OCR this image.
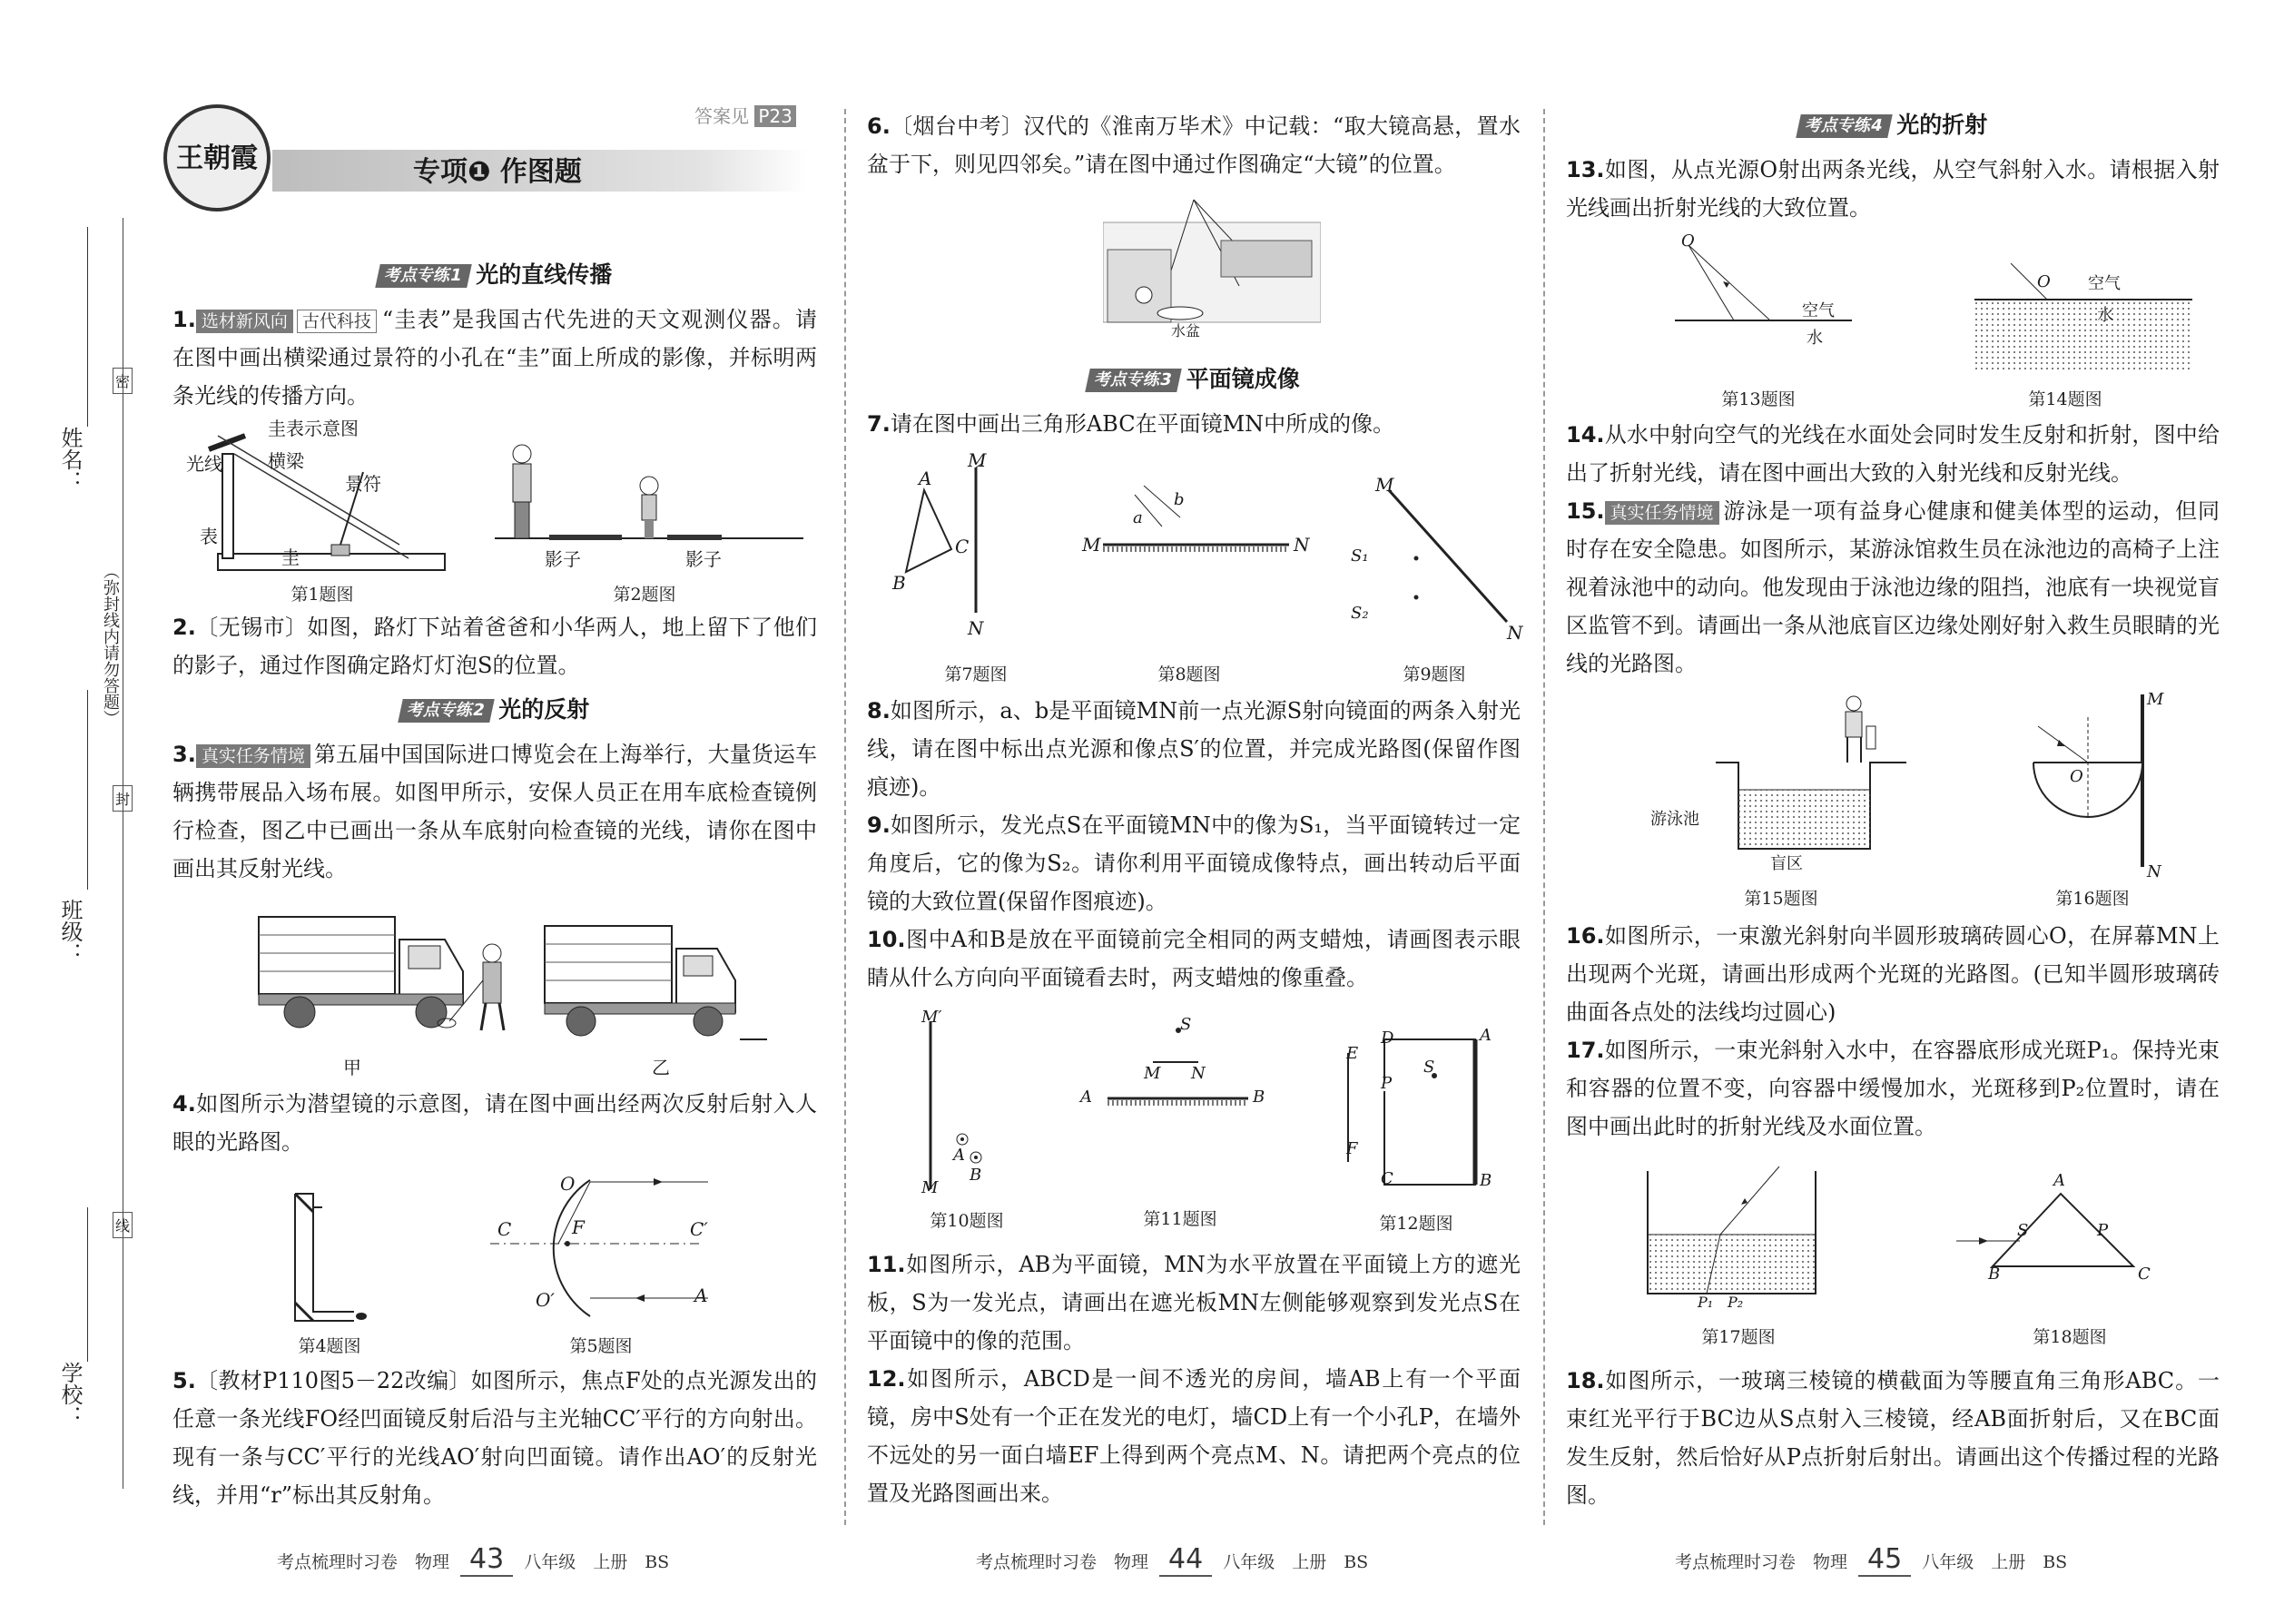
姓名：
班级：
学校：
（弥封线内请勿答题）
密
封
线
王朝霞	专项❶ 作图题
答案见 P23
考点专练1 光的直线传播
1. 选材新风向 古代科技 “圭表”是我国古代先进的天文观测仪器。请在图中画出横梁通过景符的小孔在“圭”面上所成的影像，并标明两条光线的传播方向。
圭表示意图
光线	横梁
景符
表
圭
第1题图
影子	影子
第2题图
2.〔无锡市〕如图，路灯下站着爸爸和小华两人，地上留下了他们的影子，通过作图确定路灯灯泡S的位置。
考点专练2 光的反射
3. 真实任务情境 第五届中国国际进口博览会在上海举行，大量货运车辆携带展品入场布展。如图甲所示，安保人员正在用车底检查镜例行检查，图乙中已画出一条从车底射向检查镜的光线，请你在图中画出其反射光线。
甲	乙
4.如图所示为潜望镜的示意图，请在图中画出经两次反射后射入人眼的光路图。
第4题图
O
F
C	C′
O′	A
第5题图
5.〔教材P110图5－22改编〕如图所示，焦点F处的点光源发出的任意一条光线FO经凹面镜反射后沿与主光轴CC′平行的方向射出。现有一条与CC′平行的光线AO′射向凹面镜。请作出AO′的反射光线，并用“r”标出其反射角。
6.〔烟台中考〕汉代的《淮南万毕术》中记载：“取大镜高悬，置水盆于下，则见四邻矣。”请在图中通过作图确定“大镜”的位置。
水盆
考点专练3 平面镜成像
7.请在图中画出三角形ABC在平面镜MN中所成的像。
A
B
C
M
N
第7题图
a
b
M	N
第8题图
M
N
S₁
S₂
第9题图
8.如图所示，a、b是平面镜MN前一点光源S射向镜面的两条入射光线，请在图中标出点光源和像点S′的位置，并完成光路图(保留作图痕迹)。
9.如图所示，发光点S在平面镜MN中的像为S₁，当平面镜转过一定角度后，它的像为S₂。请你利用平面镜成像特点，画出转动后平面镜的大致位置(保留作图痕迹)。
10.图中A和B是放在平面镜前完全相同的两支蜡烛，请画图表示眼睛从什么方向向平面镜看去时，两支蜡烛的像重叠。
M′
M
A
B
第10题图
S
M N
A	B
第11题图
E
F
D
P
C
S
A
B
第12题图
11.如图所示，AB为平面镜，MN为水平放置在平面镜上方的遮光板，S为一发光点，请画出在遮光板MN左侧能够观察到发光点S在平面镜中的像的范围。
12.如图所示，ABCD是一间不透光的房间，墙AB上有一个平面镜，房中S处有一个正在发光的电灯，墙CD上有一个小孔P，在墙外不远处的另一面白墙EF上得到两个亮点M、N。请把两个亮点的位置及光路图画出来。
考点专练4 光的折射
13.如图，从点光源O射出两条光线，从空气斜射入水。请根据入射光线画出折射光线的大致位置。
O
空气
水
第13题图
O 空气
水
第14题图
14.从水中射向空气的光线在水面处会同时发生反射和折射，图中给出了折射光线，请在图中画出大致的入射光线和反射光线。
15. 真实任务情境 游泳是一项有益身心健康和健美体型的运动，但同时存在安全隐患。如图所示，某游泳馆救生员在泳池边的高椅子上注视着泳池中的动向。他发现由于泳池边缘的阻挡，池底有一块视觉盲区监管不到。请画出一条从池底盲区边缘处刚好射入救生员眼睛的光线的光路图。
游泳池
盲区
第15题图
O
M
N
第16题图
16.如图所示，一束激光斜射向半圆形玻璃砖圆心O，在屏幕MN上出现两个光斑，请画出形成两个光斑的光路图。(已知半圆形玻璃砖曲面各点处的法线均过圆心)
17.如图所示，一束光斜射入水中，在容器底形成光斑P₁。保持光束和容器的位置不变，向容器中缓慢加水，光斑移到P₂位置时，请在图中画出此时的折射光线及水面位置。
P₁ P₂
第17题图
A
B	C
S	P
第18题图
18.如图所示，一玻璃三棱镜的横截面为等腰直角三角形ABC。一束红光平行于BC边从S点射入三棱镜，经AB面折射后，又在BC面发生反射，然后恰好从P点折射后射出。请画出这个传播过程的光路图。
考点梳理时习卷　物理 43 八年级　上册　BS	考点梳理时习卷　物理 44 八年级　上册　BS	考点梳理时习卷　物理 45 八年级　上册　BS
